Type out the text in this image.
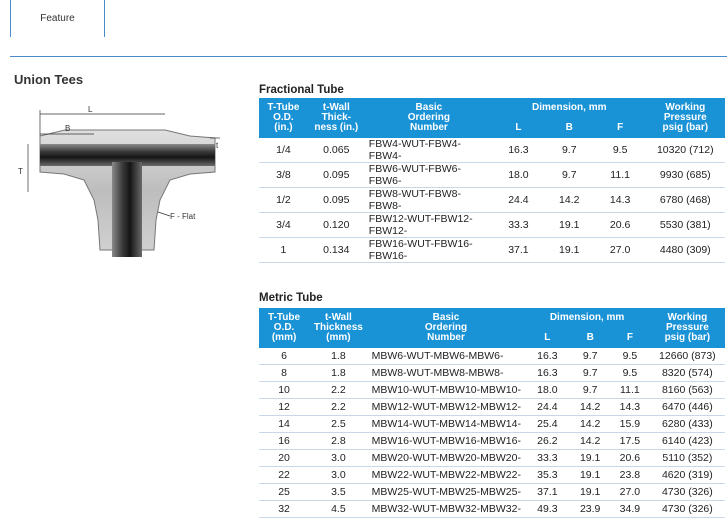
Feature
Union Tees
L
B
T
t
F - Flat
Fractional Tube
T-Tube
O.D.
(in.)	t-Wall
Thick-
ness (in.)	Basic
Ordering
Number	Dimension, mm			Working
Pressure
psig (bar)
			L	B	F	
1/4	0.065	FBW4-WUT-FBW4-FBW4-	16.3	9.7	9.5	10320 (712)
3/8	0.095	FBW6-WUT-FBW6-FBW6-	18.0	9.7	11.1	9930 (685)
1/2	0.095	FBW8-WUT-FBW8-FBW8-	24.4	14.2	14.3	6780 (468)
3/4	0.120	FBW12-WUT-FBW12-FBW12-	33.3	19.1	20.6	5530 (381)
1	0.134	FBW16-WUT-FBW16-FBW16-	37.1	19.1	27.0	4480 (309)
Metric Tube
T-Tube
O.D.
(mm)	t-Wall
Thickness
(mm)	Basic
Ordering
Number	Dimension, mm			Working
Pressure
psig (bar)
			L	B	F	
6	1.8	MBW6-WUT-MBW6-MBW6-	16.3	9.7	9.5	12660 (873)
8	1.8	MBW8-WUT-MBW8-MBW8-	16.3	9.7	9.5	8320 (574)
10	2.2	MBW10-WUT-MBW10-MBW10-	18.0	9.7	11.1	8160 (563)
12	2.2	MBW12-WUT-MBW12-MBW12-	24.4	14.2	14.3	6470 (446)
14	2.5	MBW14-WUT-MBW14-MBW14-	25.4	14.2	15.9	6280 (433)
16	2.8	MBW16-WUT-MBW16-MBW16-	26.2	14.2	17.5	6140 (423)
20	3.0	MBW20-WUT-MBW20-MBW20-	33.3	19.1	20.6	5110 (352)
22	3.0	MBW22-WUT-MBW22-MBW22-	35.3	19.1	23.8	4620 (319)
25	3.5	MBW25-WUT-MBW25-MBW25-	37.1	19.1	27.0	4730 (326)
32	4.5	MBW32-WUT-MBW32-MBW32-	49.3	23.9	34.9	4730 (326)
